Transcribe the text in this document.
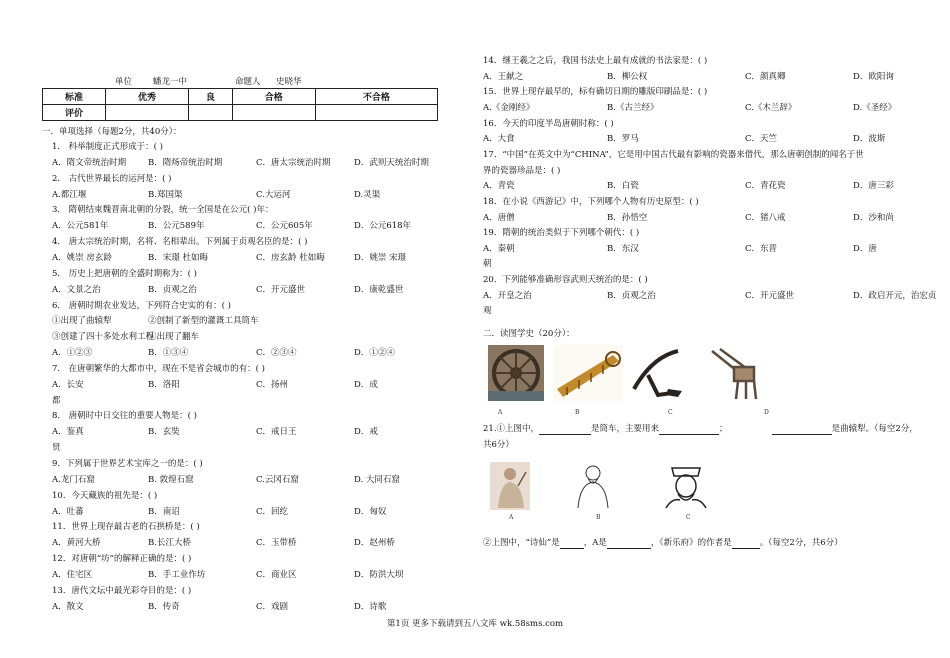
单位 蟠龙一中	命题人 史晓华
标准	优秀	良	合格	不合格
评价				
一．单项选择（每题2分，共40分）：
1． 科举制度正式形成于：( )
A．隋文帝统治时期	B．隋炀帝统治时期	C．唐太宗统治时期	D．武则天统治时期
2． 古代世界最长的运河是：( )
A.都江堰	B.郑国渠	C.大运河	D.灵渠
3． 隋朝结束魏晋南北朝的分裂，统一全国是在公元( )年：
A．公元581年	B．公元589年	C．公元605年	D．公元618年
4． 唐太宗统治时期，名将、名相辈出。下列属于贞观名臣的是：( )
A．姚崇 房玄龄	B．宋璟 杜如晦	C．房玄龄 杜如晦	D．姚崇 宋璟
5． 历史上把唐朝的全盛时期称为：( )
A．文景之治	B．贞观之治	C．开元盛世	D．康乾盛世
6． 唐朝时期农业发达，下列符合史实的有：( )
①出现了曲辕犁	②创制了新型的灌溉工具筒车
③创建了四十多处水利工程
④出现了翻车
A．①②③	B．①③④	C．②③④	D．①②④
7． 在唐朝繁华的大都市中，现在不是省会城市的有：( )
A．长安	B．洛阳	C．扬州	D．成
都
8． 唐朝时中日交往的重要人物是：( )
A．鉴真	B．玄奘	C．戒日王	D．戒
贤
9．下列属于世界艺术宝库之一的是：( )
A.龙门石窟	B. 敦煌石窟	C.云冈石窟	D. 大同石窟
10．今天藏族的祖先是：( )
A．吐蕃	B．南诏	C．回纥	D．匈奴
11．世界上现存最古老的石拱桥是：( )
A．黄河大桥	B.长江大桥	C．玉带桥	D．赵州桥
12．对唐朝“坊”的解释正确的是：( )
A．住宅区	B．手工业作坊	C．商业区	D．防洪大坝
13．唐代文坛中最光彩夺目的是：( )
A．散文	B．传奇	C．戏剧	D．诗歌
14．继王羲之之后，我国书法史上最有成就的书法家是：( )
A．王献之	B．柳公权	C．颜真卿	D．欧阳询
15．世界上现存最早的，标有确切日期的雕版印刷品是：( )
A.《金刚经》	B.《古兰经》	C.《木兰辞》	D.《圣经》
16．今天的印度半岛唐朝时称：( )
A．大食	B．罗马	C．天竺	D．波斯
17．“中国”在英文中为“CHINA”，它是用中国古代最有影响的瓷器来借代，那么唐朝创制的闻名于世
界的瓷器珍品是：( )
A．青瓷	B．白瓷	C．青花瓷	D．唐三彩
18．在小说《西游记》中，下列哪个人物有历史原型：( )
A．唐僧	B．孙悟空	C．猪八戒	D．沙和尚
19．隋朝的统治类似于下列哪个朝代：( )
A．秦朝	B．东汉	C．东晋	D．唐
朝
20．下列能够准确形容武则天统治的是：( )
A．开皇之治	B．贞观之治	C．开元盛世	D．政启开元，治宏贞
观
二．读图学史（20分）：
A	B	C	D
21.①上图中，	是筒车，主要用来	；	是曲辕犁。（每空2分，
共6分）
A	B	C
②上图中，“诗仙”是	，A是	，《新乐府》的作者是	。（每空2分，共6分）
第1页 更多下载请到五八文库 wk.58sms.com
